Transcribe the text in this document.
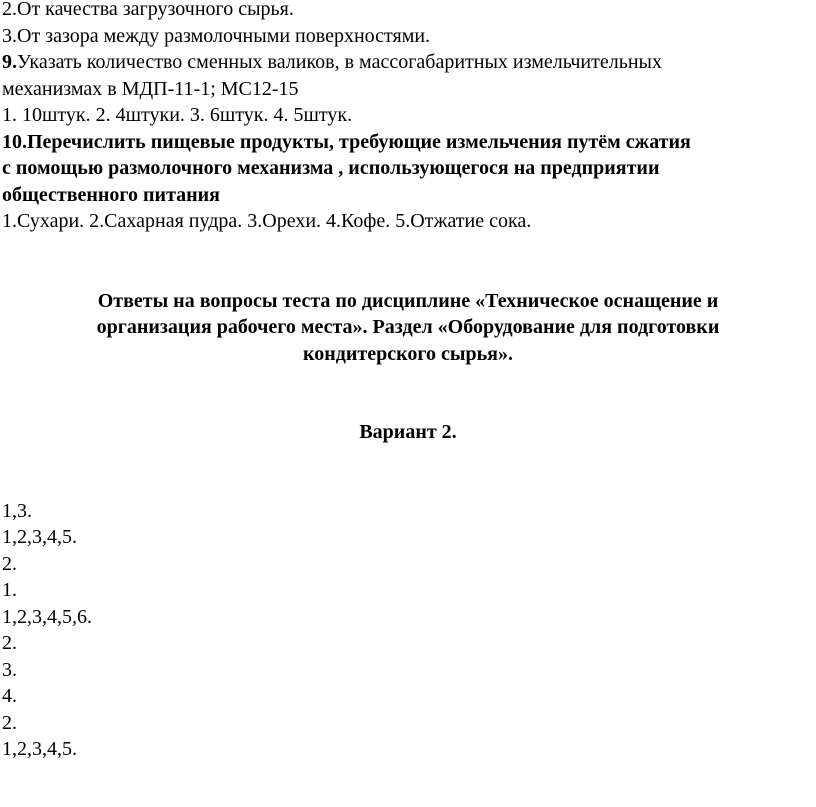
2.От качества загрузочного сырья.
3.От зазора между размолочными поверхностями.
9.Указать количество сменных валиков, в массогабаритных измельчительных
механизмах в МДП-11-1; МС12-15
1. 10штук. 2. 4штуки. 3. 6штук. 4. 5штук.
10.Перечислить пищевые продукты, требующие измельчения путём сжатия
с помощью размолочного механизма , использующегося на предприятии
общественного питания
1.Сухари. 2.Сахарная пудра. 3.Орехи. 4.Кофе. 5.Отжатие сока.
Ответы на вопросы теста по дисциплине «Техническое оснащение и
организация рабочего места». Раздел «Оборудование для подготовки
кондитерского сырья».
Вариант 2.
1,3.
1,2,3,4,5.
2.
1.
1,2,3,4,5,6.
2.
3.
4.
2.
1,2,3,4,5.
